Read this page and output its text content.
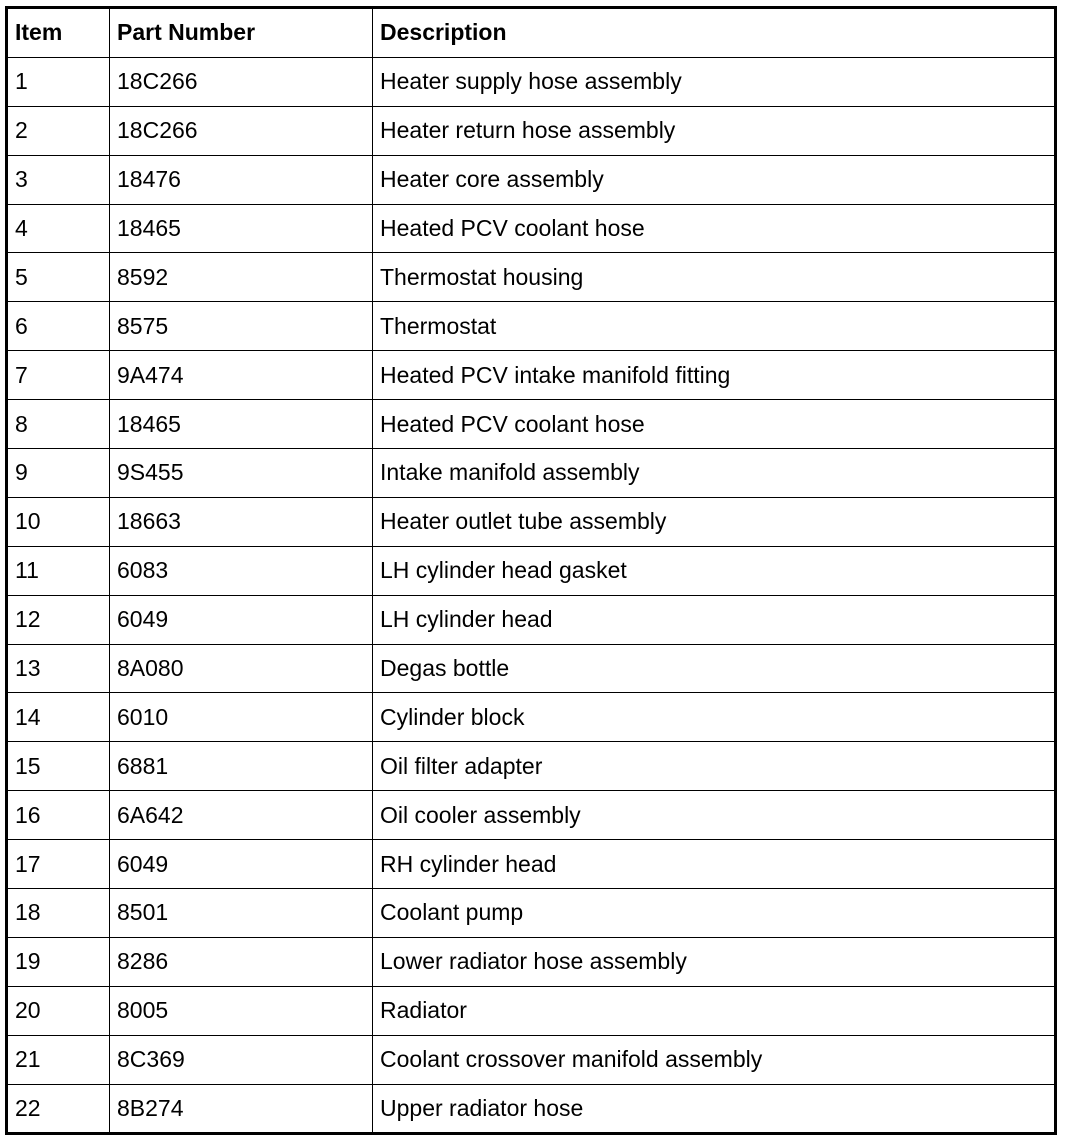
Item	Part Number	Description
1	18C266	Heater supply hose assembly
2	18C266	Heater return hose assembly
3	18476	Heater core assembly
4	18465	Heated PCV coolant hose
5	8592	Thermostat housing
6	8575	Thermostat
7	9A474	Heated PCV intake manifold fitting
8	18465	Heated PCV coolant hose
9	9S455	Intake manifold assembly
10	18663	Heater outlet tube assembly
11	6083	LH cylinder head gasket
12	6049	LH cylinder head
13	8A080	Degas bottle
14	6010	Cylinder block
15	6881	Oil filter adapter
16	6A642	Oil cooler assembly
17	6049	RH cylinder head
18	8501	Coolant pump
19	8286	Lower radiator hose assembly
20	8005	Radiator
21	8C369	Coolant crossover manifold assembly
22	8B274	Upper radiator hose
